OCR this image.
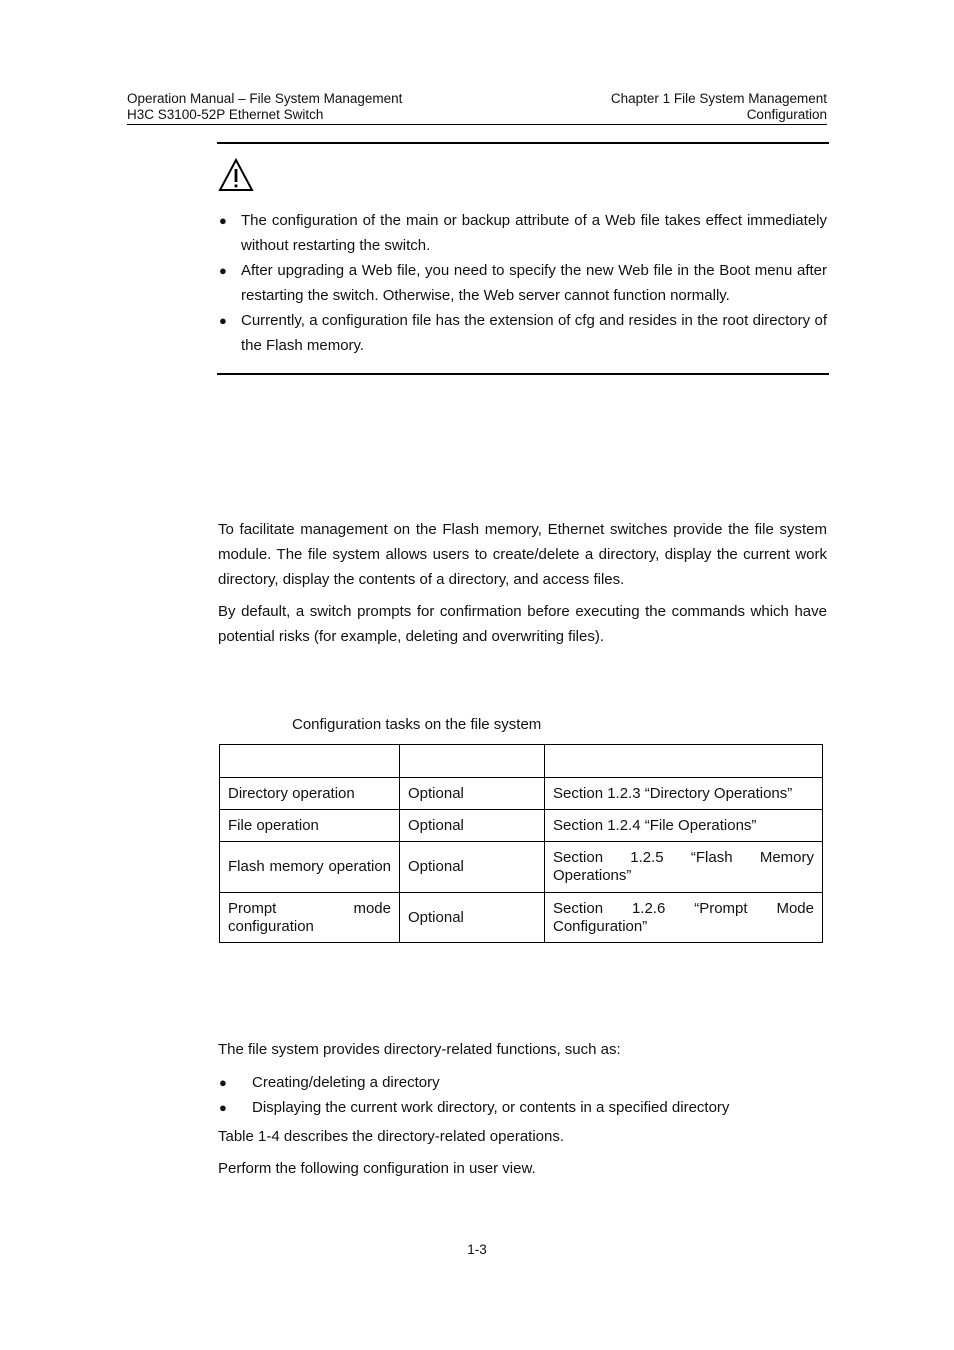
Operation Manual – File System Management
H3C S3100-52P Ethernet Switch
Chapter 1 File System Management
Configuration
● The configuration of the main or backup attribute of a Web file takes effect immediately without restarting the switch.
● After upgrading a Web file, you need to specify the new Web file in the Boot menu after restarting the switch. Otherwise, the Web server cannot function normally.
● Currently, a configuration file has the extension of cfg and resides in the root directory of the Flash memory.

To facilitate management on the Flash memory, Ethernet switches provide the file system module. The file system allows users to create/delete a directory, display the current work directory, display the contents of a directory, and access files.

By default, a switch prompts for confirmation before executing the commands which have potential risks (for example, deleting and overwriting files).

Configuration tasks on the file system

Directory operation	Optional	Section 1.2.3 “Directory Operations”
File operation	Optional	Section 1.2.4 “File Operations”
Flash memory operation	Optional	Section 1.2.5 “Flash Memory Operations”
Prompt mode configuration	Optional	Section 1.2.6 “Prompt Mode Configuration”
The file system provides directory-related functions, such as:
● Creating/deleting a directory
● Displaying the current work directory, or contents in a specified directory
Table 1-4 describes the directory-related operations.
Perform the following configuration in user view.
1-3
